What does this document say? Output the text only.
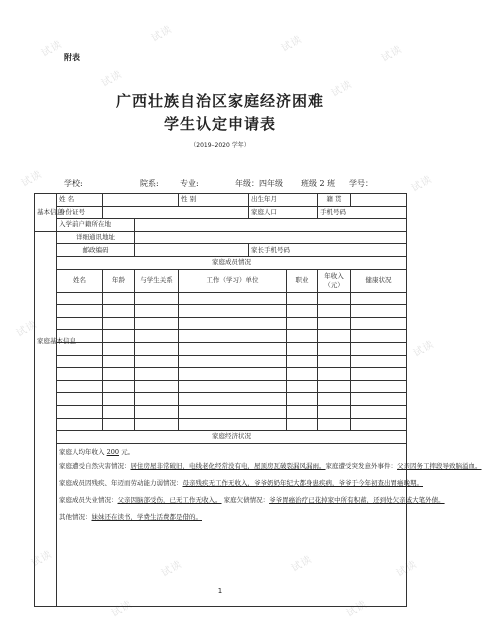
试读
试读	试读	试读
试读	试读
试读	试读
试读
试读
试读	试读	试读	试读
试读	试读
附表
广西壮族自治区家庭经济困难
学生认定申请表
（2019–2020 学年）
学校:	院系:	专业:	年级：四年级	班级 2 班	学号：
基本信息	姓 名			性 别	出生年月		籍 贯	
	身份证号				家庭人口		手机号码	
	入学前户籍所在地							
家庭基本信息	详细通讯地址							
	邮政编码				家长手机号码			
	家庭成员情况							
	姓名	年龄	与学生关系	工作（学习）单位		职业	年收入（元）	健康状况

	家庭经济状况							

	家庭人均年收入 200 元。
家庭遭受自然灾害情况：居住房屋非常破旧，电线老化经常没有电，屋顶房瓦破裂漏风漏雨。家庭遭受突发意外事件：父亲因务工摔段导致脑溢血。
家庭成员因残疾、年迈而劳动能力弱情况：母亲残疾无工作无收入，爷爷奶奶年纪大都身患疾病，爷爷于今年初查出胃癌晚期。
家庭成员失业情况：父亲因脑部受伤，已无工作无收入。 家庭欠债情况：爷爷胃癌治疗已花掉家中所有积蓄，还到处欠亲戚大笔外债。
其他情况：妹妹还在读书，学费生活费都是借的。							
1
